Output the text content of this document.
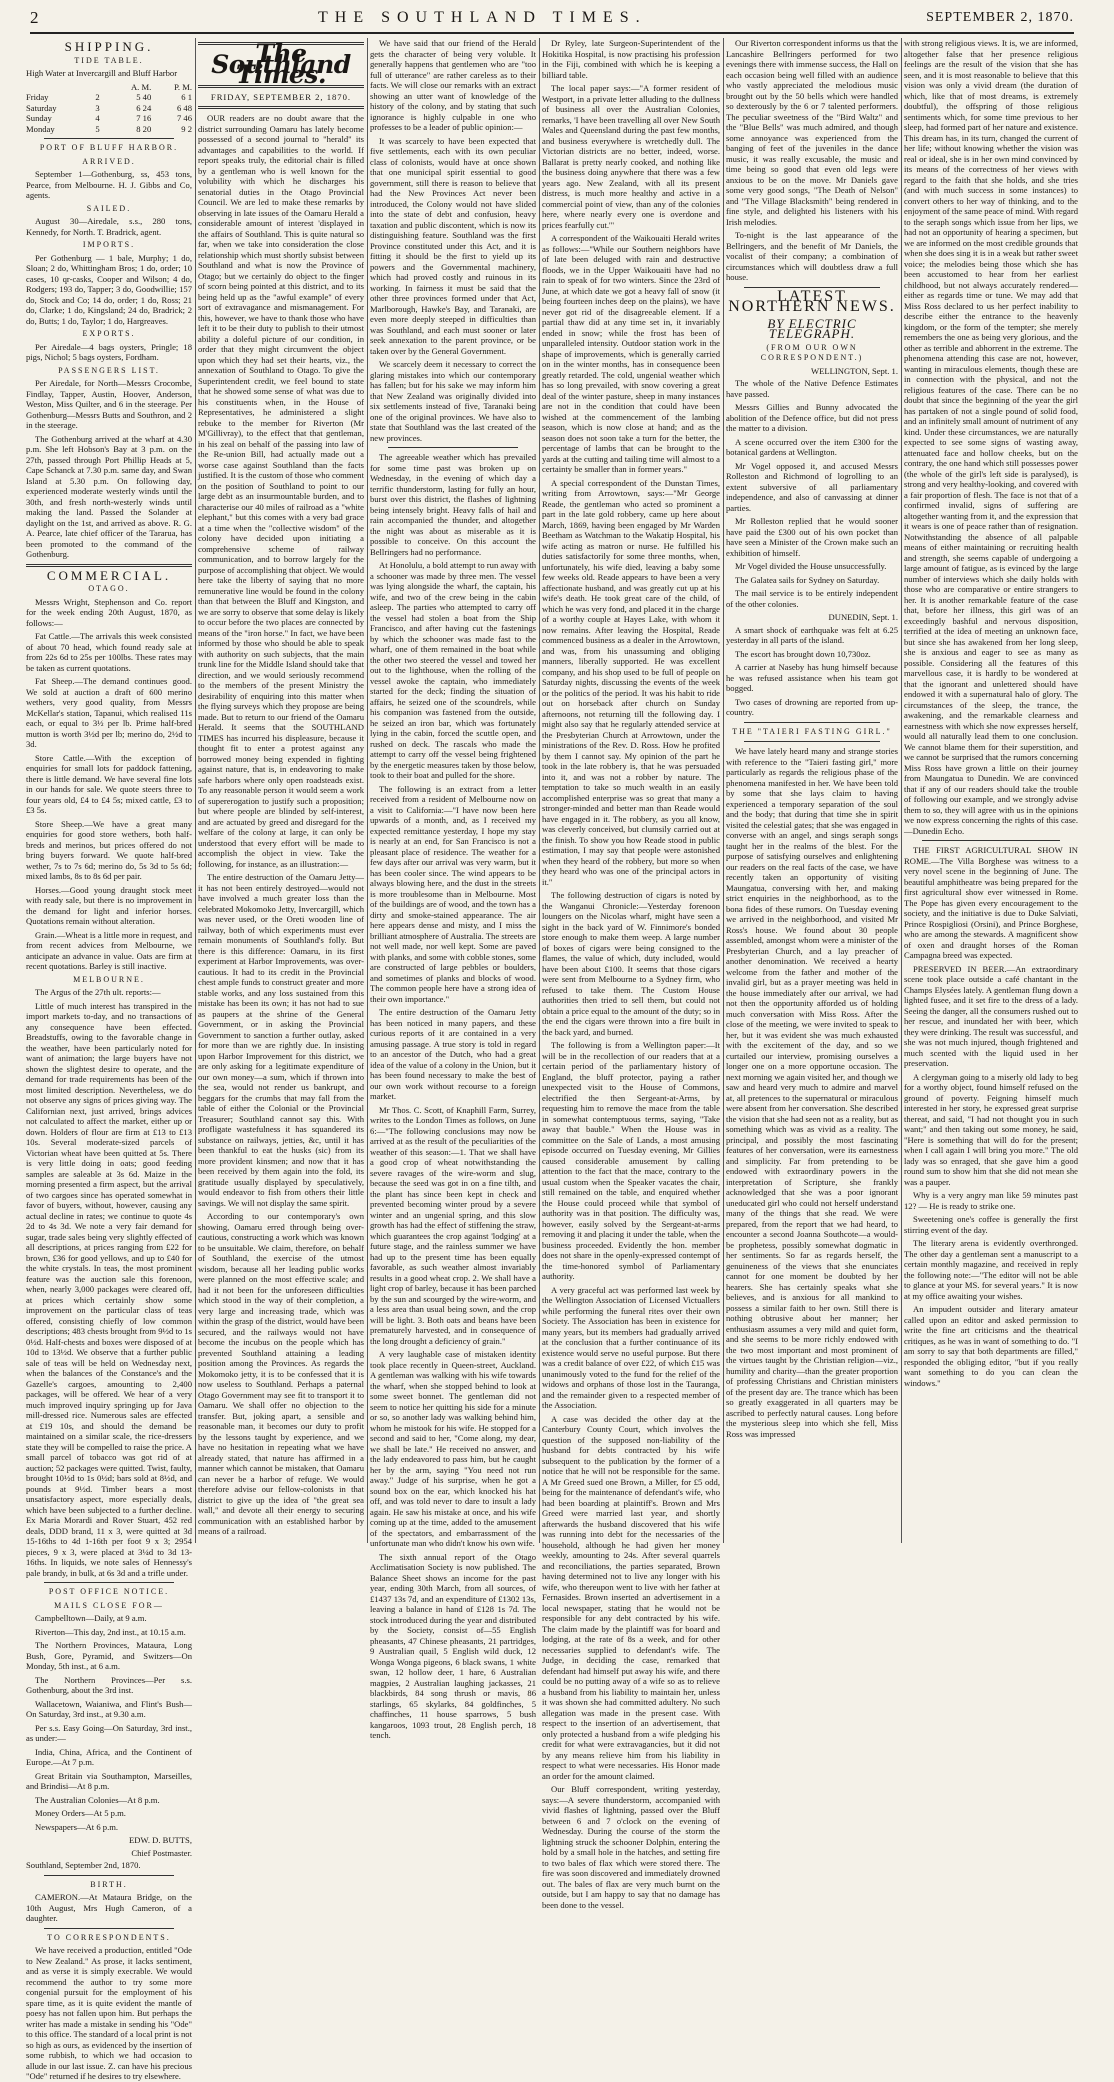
2	THE SOUTHLAND TIMES.	SEPTEMBER 2, 1870.
SHIPPING.
TIDE TABLE.

High Water at Invercargill and Bluff Harbor

		A. M.	P. M.
Friday	2	5 40	6 1
Saturday	3	6 24	6 48
Sunday	4	7 16	7 46
Monday	5	8 20	9 2
PORT OF BLUFF HARBOR.
ARRIVED.

September 1—Gothenburg, ss, 453 tons, Pearce, from Melbourne. H. J. Gibbs and Co, agents.

SAILED.

August 30—Airedale, s.s., 280 tons, Kennedy, for North. T. Bradrick, agent.

IMPORTS.

Per Gothenburg — 1 bale, Murphy; 1 do, Sloan; 2 do, Whittingham Bros; 1 do, order; 10 cases, 10 qr-casks, Cooper and Wilson; 4 do, Rodgers; 193 do, Tapper; 3 do, Goodwillie; 157 do, Stock and Co; 14 do, order; 1 do, Ross; 21 do, Clarke; 1 do, Kingsland; 24 do, Bradrick; 2 do, Butts; 1 do, Taylor; 1 do, Hargreaves.

EXPORTS.

Per Airedale—4 bags oysters, Pringle; 18 pigs, Nichol; 5 bags oysters, Fordham.

PASSENGERS LIST.

Per Airedale, for North—Messrs Crocombe, Findlay, Tapper, Austin, Hoover, Anderson, Weston, Miss Quilter, and 6 in the steerage. Per Gothenburg—Messrs Butts and Southron, and 2 in the steerage.

The Gothenburg arrived at the wharf at 4.30 p.m. She left Hobson's Bay at 3 p.m. on the 27th, passed through Port Phillip Heads at 5, Cape Schanck at 7.30 p.m. same day, and Swan Island at 5.30 p.m. On following day, experienced moderate westerly winds until the 30th, and fresh north-westerly winds until making the land. Passed the Solander at daylight on the 1st, and arrived as above. R. G. A. Pearce, late chief officer of the Tararua, has been promoted to the command of the Gothenburg.

COMMERCIAL.
OTAGO.

Messrs Wright, Stephenson and Co. report for the week ending 20th August, 1870, as follows:—

Fat Cattle.—The arrivals this week consisted of about 70 head, which found ready sale at from 22s 6d to 25s per 100lbs. These rates may be taken as current quotations.

Fat Sheep.—The demand continues good. We sold at auction a draft of 600 merino wethers, very good quality, from Messrs McKellar's station, Tapanui, which realised 11s each, or equal to 3½ per lb. Prime half-bred mutton is worth 3½d per lb; merino do, 2½d to 3d.

Store Cattle.—With the exception of enquiries for small lots for paddock fattening, there is little demand. We have several fine lots in our hands for sale. We quote steers three to four years old, £4 to £4 5s; mixed cattle, £3 to £3 5s.

Store Sheep.—We have a great many enquiries for good store wethers, both half-breds and merinos, but prices offered do not bring buyers forward. We quote half-bred wether, 7s to 7s 6d; merino do, 5s 3d to 5s 6d; mixed lambs, 8s to 8s 6d per pair.

Horses.—Good young draught stock meet with ready sale, but there is no improvement in the demand for light and inferior horses. Quotations remain without alteration.

Grain.—Wheat is a little more in request, and from recent advices from Melbourne, we anticipate an advance in value. Oats are firm at recent quotations. Barley is still inactive.

MELBOURNE.

The Argus of the 27th ult. reports:—

Little of much interest has transpired in the import markets to-day, and no transactions of any consequence have been effected. Breadstuffs, owing to the favorable change in the weather, have been particularly noted for want of animation; the large buyers have not shown the slightest desire to operate, and the demand for trade requirements has been of the most limited description. Nevertheless, we do not observe any signs of prices giving way. The Californian next, just arrived, brings advices not calculated to affect the market, either up or down. Holders of flour are firm at £13 to £13 10s. Several moderate-sized parcels of Victorian wheat have been quitted at 5s. There is very little doing in oats; good feeding samples are saleable at 3s 6d. Maize in the morning presented a firm aspect, but the arrival of two cargoes since has operated somewhat in favor of buyers, without, however, causing any actual decline in rates; we continue to quote 4s 2d to 4s 3d. We note a very fair demand for sugar, trade sales being very slightly effected of all descriptions, at prices ranging from £22 for brown, £36 for good yellows, and up to £40 for the white crystals. In teas, the most prominent feature was the auction sale this forenoon, when, nearly 3,000 packages were cleared off, at prices which certainly show some improvement on the particular class of teas offered, consisting chiefly of low common descriptions; 483 chests brought from 9½d to 1s 0½d. Half-chests and boxes were disposed of at 10d to 13½d. We observe that a further public sale of teas will be held on Wednesday next, when the balances of the Constance's and the Gazelle's cargoes, amounting to 2,400 packages, will be offered. We hear of a very much improved inquiry springing up for Java mill-dressed rice. Numerous sales are effected at £19 10s, and should the demand be maintained on a similar scale, the rice-dressers state they will be compelled to raise the price. A small parcel of tobacco was got rid of at auction; 52 packages were quitted. Twist, faulty, brought 10½d to 1s 0½d; bars sold at 8½d, and pounds at 9½d. Timber bears a most unsatisfactory aspect, more especially deals, which have been subjected to a further decline. Ex Maria Morardi and Rover Stuart, 452 red deals, DDD brand, 11 x 3, were quitted at 3d 15-16ths to 4d 1-16th per foot 9 x 3; 2954 pieces, 9 x 3, were placed at 3¼d to 3d 13-16ths. In liquids, we note sales of Hennessy's pale brandy, in bulk, at 6s 3d and a trifle under.

POST OFFICE NOTICE.
MAILS CLOSE FOR—

Campbelltown—Daily, at 9 a.m.

Riverton—This day, 2nd inst., at 10.15 a.m.

The Northern Provinces, Mataura, Long Bush, Gore, Pyramid, and Switzers—On Monday, 5th inst., at 6 a.m.

The Northern Provinces—Per s.s. Gothenburg, about the 3rd inst.

Wallacetown, Waianiwa, and Flint's Bush—On Saturday, 3rd inst., at 9.30 a.m.

Per s.s. Easy Going—On Saturday, 3rd inst., as under:—

India, China, Africa, and the Continent of Europe.—At 7 p.m.

Great Britain via Southampton, Marseilles, and Brindisi—At 8 p.m.

The Australian Colonies—At 8 p.m.

Money Orders—At 5 p.m.

Newspapers—At 6 p.m.

EDW. D. BUTTS,
Chief Postmaster.

Southland, September 2nd, 1870.

BIRTH.

CAMERON.—At Mataura Bridge, on the 10th August, Mrs Hugh Cameron, of a daughter.

TO CORRESPONDENTS.

We have received a production, entitled "Ode to New Zealand." As prose, it lacks sentiment, and as verse it is simply execrable. We would recommend the author to try some more congenial pursuit for the employment of his spare time, as it is quite evident the mantle of poesy has not fallen upon him. But perhaps the writer has made a mistake in sending his "Ode" to this office. The standard of a local print is not so high as ours, as evidenced by the insertion of some rubbish, to which we had occasion to allude in our last issue. Z. can have his precious "Ode" returned if he desires to try elsewhere.

The Southland Times.
FRIDAY, SEPTEMBER 2, 1870.

OUR readers are no doubt aware that the district surrounding Oamaru has lately become possessed of a second journal to "herald" its advantages and capabilities to the world. If report speaks truly, the editorial chair is filled by a gentleman who is well known for the volubility with which he discharges his senatorial duties in the Otago Provincial Council. We are led to make these remarks by observing in late issues of the Oamaru Herald a considerable amount of interest 'displayed in the affairs of Southland. This is quite natural so far, when we take into consideration the close relationship which must shortly subsist between Southland and what is now the Province of Otago; but we certainly do object to the finger of scorn being pointed at this district, and to its being held up as the "awful example" of every sort of extravagance and mismanagement. For this, however, we have to thank those who have left it to be their duty to publish to their utmost ability a doleful picture of our condition, in order that they might circumvent the object upon which they had set their hearts, viz., the annexation of Southland to Otago. To give the Superintendent credit, we feel bound to state that he showed some sense of what was due to his constituents when, in the House of Representatives, he administered a slight rebuke to the member for Riverton (Mr M'Gillivray), to the effect that that gentleman, in his zeal on behalf of the passing into law of the Re-union Bill, had actually made out a worse case against Southland than the facts justified. It is the custom of those who comment on the position of Southland to point to our large debt as an insurmountable burden, and to characterise our 40 miles of railroad as a "white elephant," but this comes with a very bad grace at a time when the "collective wisdom" of the colony have decided upon initiating a comprehensive scheme of railway communication, and to borrow largely for the purpose of accomplishing that object. We would here take the liberty of saying that no more remunerative line would be found in the colony than that between the Bluff and Kingston, and we are sorry to observe that some delay is likely to occur before the two places are connected by means of the "iron horse." In fact, we have been informed by those who should be able to speak with authority on such subjects, that the main trunk line for the Middle Island should take that direction, and we would seriously recommend to the members of the present Ministry the desirability of enquiring into this matter when the flying surveys which they propose are being made. But to return to our friend of the Oamaru Herald. It seems that the SOUTHLAND TIMES has incurred his displeasure, because it thought fit to enter a protest against any borrowed money being expended in fighting against nature, that is, in endeavoring to make safe harbors where only open roadsteads exist. To any reasonable person it would seem a work of supererogation to justify such a proposition; but where people are blinded by self-interest, and are actuated by greed and disregard for the welfare of the colony at large, it can only be understood that every effort will be made to accomplish the object in view. Take the following, for instance, as an illustration:—

The entire destruction of the Oamaru Jetty—it has not been entirely destroyed—would not have involved a much greater loss than the celebrated Mokomoko Jetty, Invercargill, which was never used, or the Oreti wooden line of railway, both of which experiments must ever remain monuments of Southland's folly. But there is this difference: Oamaru, in its first experiment at Harbor Improvements, was over-cautious. It had to its credit in the Provincial chest ample funds to construct greater and more stable works, and any loss sustained from this mistake has been its own; it has not had to sue as paupers at the shrine of the General Government, or in asking the Provincial Government to sanction a further outlay, asked for more than we are rightly due. In insisting upon Harbor Improvement for this district, we are only asking for a legitimate expenditure of our own money—a sum, which if thrown into the sea, would not render us bankrupt, and beggars for the crumbs that may fall from the table of either the Colonial or the Provincial Treasurer; Southland cannot say this. With profligate wastefulness it has squandered its substance on railways, jetties, &c, until it has been thankful to eat the husks (sic) from its more provident kinsmen; and now that it has been received by them again into the fold, its gratitude usually displayed by speculatively, would endeavor to fish from others their little savings. We will not display the same spirit.

According to our contemporary's own showing, Oamaru erred through being over-cautious, constructing a work which was known to be unsuitable. We claim, therefore, on behalf of Southland, the exercise of the utmost wisdom, because all her leading public works were planned on the most effective scale; and had it not been for the unforeseen difficulties which stood in the way of their completion, a very large and increasing trade, which was within the grasp of the district, would have been secured, and the railways would not have become the incubus on the people which has prevented Southland attaining a leading position among the Provinces. As regards the Mokomoko jetty, it is to be confessed that it is now useless to Southland. Perhaps a paternal Otago Government may see fit to transport it to Oamaru. We shall offer no objection to the transfer. But, joking apart, a sensible and reasonable man, it becomes our duty to profit by the lessons taught by experience, and we have no hesitation in repeating what we have already stated, that nature has affirmed in a manner which cannot be mistaken, that Oamaru can never be a harbor of refuge. We would therefore advise our fellow-colonists in that district to give up the idea of "the great sea wall," and devote all their energy to securing communication with an established harbor by means of a railroad.

We have said that our friend of the Herald gets the character of being very voluble. It generally happens that gentlemen who are "too full of utterance" are rather careless as to their facts. We will close our remarks with an extract showing an utter want of knowledge of the history of the colony, and by stating that such ignorance is highly culpable in one who professes to be a leader of public opinion:—

It was scarcely to have been expected that five settlements, each with its own peculiar class of colonists, would have at once shown that one municipal spirit essential to good government, still there is reason to believe that had the New Provinces Act never been introduced, the Colony would not have slided into the state of debt and confusion, heavy taxation and public discontent, which is now its distinguishing feature. Southland was the first Province constituted under this Act, and it is fitting it should be the first to yield up its powers and the Governmental machinery, which had proved costly and ruinous in its working. In fairness it must be said that the other three provinces formed under that Act, Marlborough, Hawke's Bay, and Taranaki, are even more deeply steeped in difficulties than was Southland, and each must sooner or later seek annexation to the parent province, or be taken over by the General Government.

We scarcely deem it necessary to correct the glaring mistakes into which our contemporary has fallen; but for his sake we may inform him that New Zealand was originally divided into six settlements instead of five, Taranaki being one of the original provinces. We have also to state that Southland was the last created of the new provinces.

The agreeable weather which has prevailed for some time past was broken up on Wednesday, in the evening of which day a terrific thunderstorm, lasting for fully an hour, burst over this district, the flashes of lightning being intensely bright. Heavy falls of hail and rain accompanied the thunder, and altogether the night was about as miserable as it is possible to conceive. On this account the Bellringers had no performance.

At Honolulu, a bold attempt to run away with a schooner was made by three men. The vessel was lying alongside the wharf, the captain, his wife, and two of the crew being in the cabin asleep. The parties who attempted to carry off the vessel had stolen a boat from the Ship Francisco, and after having cut the fastenings by which the schooner was made fast to the wharf, one of them remained in the boat while the other two steered the vessel and towed her out to the lighthouse, when the rolling of the vessel awoke the captain, who immediately started for the deck; finding the situation of affairs, he seized one of the scoundrels, while his companion was fastened from the outside, he seized an iron bar, which was fortunately lying in the cabin, forced the scuttle open, and rushed on deck. The rascals who made the attempt to carry off the vessel being frightened by the energetic measures taken by those below, took to their boat and pulled for the shore.

The following is an extract from a letter received from a resident of Melbourne now on a visit to California:—"I have now been here upwards of a month, and, as I received my expected remittance yesterday, I hope my stay is nearly at an end, for San Francisco is not a pleasant place of residence. The weather for a few days after our arrival was very warm, but it has been cooler since. The wind appears to be always blowing here, and the dust in the streets is more troublesome than in Melbourne. Most of the buildings are of wood, and the town has a dirty and smoke-stained appearance. The air here appears dense and misty, and I miss the brilliant atmosphere of Australia. The streets are not well made, nor well kept. Some are paved with planks, and some with cobble stones, some are constructed of large pebbles or boulders, and sometimes of planks and blocks of wood. The common people here have a strong idea of their own importance."

The entire destruction of the Oamaru Jetty has been noticed in many papers, and these curious reports of it are contained in a very amusing passage. A true story is told in regard to an ancestor of the Dutch, who had a great idea of the value of a colony in the Union, but it has been found necessary to make the best of our own work without recourse to a foreign market.

Mr Thos. C. Scott, of Knaphill Farm, Surrey, writes to the London Times as follows, on June 6:—"The following conclusions may now be arrived at as the result of the peculiarities of the weather of this season:—1. That we shall have a good crop of wheat notwithstanding the severe ravages of the wire-worm and slug, because the seed was got in on a fine tilth, and the plant has since been kept in check and prevented becoming winter proud by a severe winter and an ungenial spring, and this slow growth has had the effect of stiffening the straw, which guarantees the crop against 'lodging' at a future stage, and the rainless summer we have had up to the present time has been equally favorable, as such weather almost invariably results in a good wheat crop. 2. We shall have a light crop of barley, because it has been parched by the sun and scourged by the wire-worm, and a less area than usual being sown, and the crop will be light. 3. Both oats and beans have been prematurely harvested, and in consequence of the long drought a deficiency of grain."

A very laughable case of mistaken identity took place recently in Queen-street, Auckland. A gentleman was walking with his wife towards the wharf, when she stopped behind to look at some sweet bonnet. The gentleman did not seem to notice her quitting his side for a minute or so, so another lady was walking behind him, whom he mistook for his wife. He stopped for a second and said to her, "Come along, my dear, we shall be late." He received no answer, and the lady endeavored to pass him, but he caught her by the arm, saying "You need not run away." Judge of his surprise, when he got a sound box on the ear, which knocked his hat off, and was told never to dare to insult a lady again. He saw his mistake at once, and his wife coming up at the time, added to the amusement of the spectators, and embarrassment of the unfortunate man who didn't know his own wife.

The sixth annual report of the Otago Acclimatisation Society is now published. The Balance Sheet shows an income for the past year, ending 30th March, from all sources, of £1437 13s 7d, and an expenditure of £1302 13s, leaving a balance in hand of £128 1s 7d. The stock introduced during the year and distributed by the Society, consist of—55 English pheasants, 47 Chinese pheasants, 21 partridges, 9 Australian quail, 5 English wild duck, 12 Wonga Wonga pigeons, 6 black swans, 1 white swan, 12 hollow deer, 1 hare, 6 Australian magpies, 2 Australian laughing jackasses, 21 blackbirds, 84 song thrush or mavis, 86 starlings, 65 skylarks, 84 goldfinches, 5 chaffinches, 11 house sparrows, 5 bush kangaroos, 1093 trout, 28 English perch, 18 tench.

Dr Ryley, late Surgeon-Superintendent of the Hokitika Hospital, is now practising his profession in the Fiji, combined with which he is keeping a billiard table.

The local paper says:—"A former resident of Westport, in a private letter alluding to the dullness of business all over the Australian Colonies, remarks, 'I have been travelling all over New South Wales and Queensland during the past few months, and business everywhere is wretchedly dull. The Victorian districts are no better, indeed, worse. Ballarat is pretty nearly cooked, and nothing like the business doing anywhere that there was a few years ago. New Zealand, with all its present distress, is much more healthy and active in a commercial point of view, than any of the colonies here, where nearly every one is overdone and prices fearfully cut.'"

A correspondent of the Waikouaiti Herald writes as follows:—"While our Southern neighbors have of late been deluged with rain and destructive floods, we in the Upper Waikouaiti have had no rain to speak of for two winters. Since the 23rd of June, at which date we got a heavy fall of snow (it being fourteen inches deep on the plains), we have never got rid of the disagreeable element. If a partial thaw did at any time set in, it invariably ended in snow; while the frost has been of unparalleled intensity. Outdoor station work in the shape of improvements, which is generally carried on in the winter months, has in consequence been greatly retarded. The cold, ungenial weather which has so long prevailed, with snow covering a great deal of the winter pasture, sheep in many instances are not in the condition that could have been wished at the commencement of the lambing season, which is now close at hand; and as the season does not soon take a turn for the better, the percentage of lambs that can be brought to the yards at the cutting and tailing time will almost to a certainty be smaller than in former years."

A special correspondent of the Dunstan Times, writing from Arrowtown, says:—"Mr George Reade, the gentleman who acted so prominent a part in the late gold robbery, came up here about March, 1869, having been engaged by Mr Warden Beetham as Watchman to the Wakatip Hospital, his wife acting as matron or nurse. He fulfilled his duties satisfactorily for some three months, when, unfortunately, his wife died, leaving a baby some few weeks old. Reade appears to have been a very affectionate husband, and was greatly cut up at his wife's death. He took great care of the child, of which he was very fond, and placed it in the charge of a worthy couple at Hayes Lake, with whom it now remains. After leaving the Hospital, Reade commenced business as a dealer in the Arrowtown, and was, from his unassuming and obliging manners, liberally supported. He was excellent company, and his shop used to be full of people on Saturday nights, discussing the events of the week or the politics of the period. It was his habit to ride out on horseback after church on Sunday afternoons, not returning till the following day. I might also say that he regularly attended service at the Presbyterian Church at Arrowtown, under the ministrations of the Rev. D. Ross. How he profited by them I cannot say. My opinion of the part he took in the late robbery is, that he was persuaded into it, and was not a robber by nature. The temptation to take so much wealth in an easily accomplished enterprise was so great that many a stronger-minded and better man than Reade would have engaged in it. The robbery, as you all know, was cleverly conceived, but clumsily carried out at the finish. To show you how Reade stood in public estimation, I may say that people were astonished when they heard of the robbery, but more so when they heard who was one of the principal actors in it."

The following destruction of cigars is noted by the Wanganui Chronicle:—Yesterday forenoon loungers on the Nicolas wharf, might have seen a sight in the back yard of W. Finnimore's bonded store enough to make them weep. A large number of boxes of cigars were being consigned to the flames, the value of which, duty included, would have been about £100. It seems that those cigars were sent from Melbourne to a Sydney firm, who refused to take them. The Custom House authorities then tried to sell them, but could not obtain a price equal to the amount of the duty; so in the end the cigars were thrown into a fire built in the back yard, and burned.

The following is from a Wellington paper:—It will be in the recollection of our readers that at a certain period of the parliamentary history of England, the bluff protector, paying a rather unexpected visit to the House of Commons, electrified the then Sergeant-at-Arms, by requesting him to remove the mace from the table in somewhat contemptuous terms, saying, "Take away that bauble." When the House was in committee on the Sale of Lands, a most amusing episode occurred on Tuesday evening, Mr Gillies caused considerable amusement by calling attention to the fact that the mace, contrary to the usual custom when the Speaker vacates the chair, still remained on the table, and enquired whether the House could proceed while that symbol of authority was in that position. The difficulty was, however, easily solved by the Sergeant-at-arms removing it and placing it under the table, when the business proceeded. Evidently the hon. member does not share in the openly-expressed contempt of the time-honored symbol of Parliamentary authority.

A very graceful act was performed last week by the Wellington Association of Licensed Victuallers while performing the funeral rites over their own Society. The Association has been in existence for many years, but its members had gradually arrived at the conclusion that a further continuance of its existence would serve no useful purpose. But there was a credit balance of over £22, of which £15 was unanimously voted to the fund for the relief of the widows and orphans of those lost in the Taurangа, and the remainder given to a respected member of the Association.

A case was decided the other day at the Canterbury County Court, which involves the question of the supposed non-liability of the husband for debts contracted by his wife subsequent to the publication by the former of a notice that he will not be responsible for the same. A Mr Greed sued one Brown, a Miller, for £5 odd, being for the maintenance of defendant's wife, who had been boarding at plaintiff's. Brown and Mrs Greed were married last year, and shortly afterwards the husband discovered that his wife was running into debt for the necessaries of the household, although he had given her money weekly, amounting to 24s. After several quarrels and reconciliations, the parties separated, Brown having determined not to live any longer with his wife, who thereupon went to live with her father at Fernasides. Brown inserted an advertisement in a local newspaper, stating that he would not be responsible for any debt contracted by his wife. The claim made by the plaintiff was for board and lodging, at the rate of 8s a week, and for other necessaries supplied to defendant's wife. The Judge, in deciding the case, remarked that defendant had himself put away his wife, and there could be no putting away of a wife so as to relieve a husband from his liability to maintain her, unless it was shown she had committed adultery. No such allegation was made in the present case. With respect to the insertion of an advertisement, that only protected a husband from a wife pledging his credit for what were extravagancies, but it did not by any means relieve him from his liability in respect to what were necessaries. His Honor made an order for the amount claimed.

Our Bluff correspondent, writing yesterday, says:—A severe thunderstorm, accompanied with vivid flashes of lightning, passed over the Bluff between 6 and 7 o'clock on the evening of Wednesday. During the course of the storm the lightning struck the schooner Dolphin, entering the hold by a small hole in the hatches, and setting fire to two bales of flax which were stored there. The fire was soon discovered and immediately drowned out. The bales of flax are very much burnt on the outside, but I am happy to say that no damage has been done to the vessel.

Our Riverton correspondent informs us that the Lancashire Bellringers performed for two evenings there with immense success, the Hall on each occasion being well filled with an audience who vastly appreciated the melodious music brought out by the 50 bells which were handled so dexterously by the 6 or 7 talented performers. The peculiar sweetness of the "Bird Waltz" and the "Blue Bells" was much admired, and though some annoyance was experienced from the banging of feet of the juveniles in the dance music, it was really excusable, the music and time being so good that even old legs were anxious to be on the move. Mr Daniels gave some very good songs, "The Death of Nelson" and "The Village Blacksmith" being rendered in fine style, and delighted his listeners with his Irish melodies.

To-night is the last appearance of the Bellringers, and the benefit of Mr Daniels, the vocalist of their company; a combination of circumstances which will doubtless draw a full house.

LATEST NORTHERN NEWS.
BY ELECTRIC TELEGRAPH.
(FROM OUR OWN CORRESPONDENT.)
WELLINGTON, Sept. 1.

The whole of the Native Defence Estimates have passed.

Messrs Gillies and Bunny advocated the abolition of the Defence office, but did not press the matter to a division.

A scene occurred over the item £300 for the botanical gardens at Wellington.

Mr Vogel opposed it, and accused Messrs Rolleston and Richmond of logrolling to an extent subversive of all parliamentary independence, and also of canvassing at dinner parties.

Mr Rolleston replied that he would sooner have paid the £300 out of his own pocket than have seen a Minister of the Crown make such an exhibition of himself.

Mr Vogel divided the House unsuccessfully.

The Galatea sails for Sydney on Saturday.

The mail service is to be entirely independent of the other colonies.

DUNEDIN, Sept. 1.

A smart shock of earthquake was felt at 6.25 yesterday in all parts of the island.

The escort has brought down 10,730oz.

A carrier at Naseby has hung himself because he was refused assistance when his team got bogged.

Two cases of drowning are reported from up-country.

THE "TAIERI FASTING GIRL."

We have lately heard many and strange stories with reference to the "Taieri fasting girl," more particularly as regards the religious phase of the phenomena manifested in her. We have been told by some that she lays claim to having experienced a temporary separation of the soul and the body; that during that time she in spirit visited the celestial gates; that she was engaged in converse with an angel, and sings seraph songs taught her in the realms of the blest. For the purpose of satisfying ourselves and enlightening our readers on the real facts of the case, we have recently taken an opportunity of visiting Maungatua, conversing with her, and making strict enquiries in the neighborhood, as to the bona fides of these rumors. On Tuesday evening we arrived in the neighborhood, and visited Mr Ross's house. We found about 30 people assembled, amongst whom were a minister of the Presbyterian Church, and a lay preacher of another denomination. We received a hearty welcome from the father and mother of the invalid girl, but as a prayer meeting was held in the house immediately after our arrival, we had not then the opportunity afforded us of holding much conversation with Miss Ross. After the close of the meeting, we were invited to speak to her, but it was evident she was much exhausted with the excitement of the day, and so we curtailed our interview, promising ourselves a longer one on a more opportune occasion. The next morning we again visited her, and though we saw and heard very much to admire and marvel at, all pretences to the supernatural or miraculous were absent from her conversation. She described the vision that she had seen not as a reality, but as something which was as vivid as a reality. The principal, and possibly the most fascinating features of her conversation, were its earnestness and simplicity. Far from pretending to be endowed with extraordinary powers in the interpretation of Scripture, she frankly acknowledged that she was a poor ignorant uneducated girl who could not herself understand many of the things that she read. We were prepared, from the report that we had heard, to encounter a second Joanna Southcote—a would-be prophetess, possibly somewhat dogmatic in her sentiments. So far as regards herself, the genuineness of the views that she enunciates cannot for one moment be doubted by her hearers. She has certainly speaks what she believes, and is anxious for all mankind to possess a similar faith to her own. Still there is nothing obtrusive about her manner; her enthusiasm assumes a very mild and quiet form, and she seems to be more richly endowed with the two most important and most prominent of the virtues taught by the Christian religion—viz., humility and charity—than the greater proportion of professing Christians and Christian ministers of the present day are. The trance which has been so greatly exaggerated in all quarters may be ascribed to perfectly natural causes. Long before the mysterious sleep into which she fell, Miss Ross was impressed

with strong religious views. It is, we are informed, altogether false that her presence religious feelings are the result of the vision that she has seen, and it is most reasonable to believe that this vision was only a vivid dream (the duration of which, like that of most dreams, is extremely doubtful), the offspring of those religious sentiments which, for some time previous to her sleep, had formed part of her nature and existence. This dream has, in its turn, changed the current of her life; without knowing whether the vision was real or ideal, she is in her own mind convinced by its means of the correctness of her views with regard to the faith that she holds, and she tries (and with much success in some instances) to convert others to her way of thinking, and to the enjoyment of the same peace of mind. With regard to the seraph songs which issue from her lips, we had not an opportunity of hearing a specimen, but we are informed on the most credible grounds that when she does sing it is in a weak but rather sweet voice; the melodies being those which she has been accustomed to hear from her earliest childhood, but not always accurately rendered—either as regards time or tune. We may add that Miss Ross declared to us her perfect inability to describe either the entrance to the heavenly kingdom, or the form of the tempter; she merely remembers the one as being very glorious, and the other as terrible and abhorrent in the extreme. The phenomena attending this case are not, however, wanting in miraculous elements, though these are in connection with the physical, and not the religious features of the case. There can be no doubt that since the beginning of the year the girl has partaken of not a single pound of solid food, and an infinitely small amount of nutriment of any kind. Under these circumstances, we are naturally expected to see some signs of wasting away, attenuated face and hollow cheeks, but on the contrary, the one hand which still possesses power (the whole of the girl's left side is paralysed), is strong and very healthy-looking, and covered with a fair proportion of flesh. The face is not that of a confirmed invalid, signs of suffering are altogether wanting from it, and the expression that it wears is one of peace rather than of resignation. Notwithstanding the absence of all palpable means of either maintaining or recruiting health and strength, she seems capable of undergoing a large amount of fatigue, as is evinced by the large number of interviews which she daily holds with those who are comparative or entire strangers to her. It is another remarkable feature of the case that, before her illness, this girl was of an exceedingly bashful and nervous disposition, terrified at the idea of meeting an unknown face, but since she has awakened from her long sleep, she is anxious and eager to see as many as possible. Considering all the features of this marvellous case, it is hardly to be wondered at that the ignorant and unlettered should have endowed it with a supernatural halo of glory. The circumstances of the sleep, the trance, the awakening, and the remarkable clearness and earnestness with which she now expresses herself, would all naturally lead them to one conclusion. We cannot blame them for their superstition, and we cannot be surprised that the rumors concerning Miss Ross have grown a little on their journey from Maungatua to Dunedin. We are convinced that if any of our readers should take the trouble of following our example, and we strongly advise them to so, they will agree with us in the opinions we now express concerning the rights of this case.—Dunedin Echo.

THE FIRST AGRICULTURAL SHOW IN ROME.—The Villa Borghese was witness to a very novel scene in the beginning of June. The beautiful amphitheatre was being prepared for the first agricultural show ever witnessed in Rome. The Pope has given every encouragement to the society, and the initiative is due to Duke Salviati, Prince Rospigliosi (Orsini), and Prince Borghese, who are among the stewards. A magnificent show of oxen and draught horses of the Roman Campagna breed was expected.

PRESERVED IN BEER.—An extraordinary scene took place outside a café chantant in the Champs Elysées lately. A gentleman flung down a lighted fusee, and it set fire to the dress of a lady. Seeing the danger, all the consumers rushed out to her rescue, and inundated her with beer, which they were drinking. The result was successful, and she was not much injured, though frightened and much scented with the liquid used in her preservation.

A clergyman going to a miserly old lady to beg for a worthy object, found himself refused on the ground of poverty. Feigning himself much interested in her story, he expressed great surprise thereat, and said, "I had not thought you in such want;" and then taking out some money, he said, "Here is something that will do for the present; when I call again I will bring you more." The old lady was so enraged, that she gave him a good round sum to show him that she did not mean she was a pauper.

Why is a very angry man like 59 minutes past 12? — He is ready to strike one.

Sweetening one's coffee is generally the first stirring event of the day.

The literary arena is evidently overthronged. The other day a gentleman sent a manuscript to a certain monthly magazine, and received in reply the following note:—"The editor will not be able to glance at your MS. for several years." It is now at my office awaiting your wishes.

An impudent outsider and literary amateur called upon an editor and asked permission to write the fine art criticisms and the theatrical critiques, as he was in want of something to do. "I am sorry to say that both departments are filled," responded the obliging editor, "but if you really want something to do you can clean the windows."
